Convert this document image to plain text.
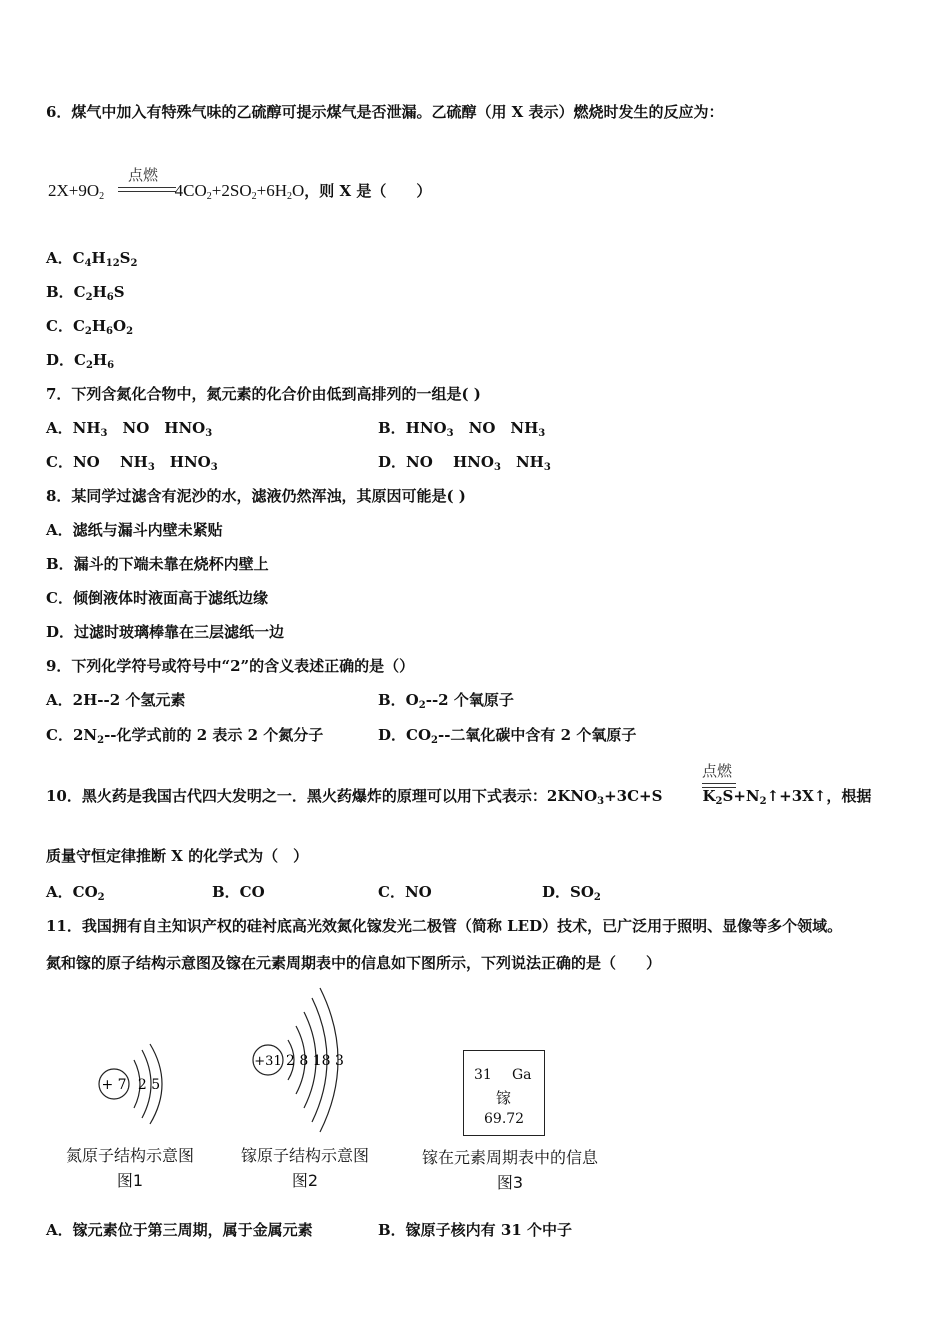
6．煤气中加入有特殊气味的乙硫醇可提示煤气是否泄漏。乙硫醇（用 X 表示）燃烧时发生的反应为：
$2X+9O_2$	$4CO_2+2SO_2+6H_2O$，则 X 是（　　）
点燃
A．$C_4H_{12}S_2$
B．$C_2H_6S$
C．$C_2H_6O_2$
D．$C_2H_6$
7．下列含氮化合物中，氮元素的化合价由低到高排列的一组是( )
A．$NH_3$　NO　$HNO_3$	B．$HNO_3$　NO　$NH_3$
C．NO　 $NH_3$　$HNO_3$	D．NO　 $HNO_3$　$NH_3$
8．某同学过滤含有泥沙的水，滤液仍然浑浊，其原因可能是( )
A．滤纸与漏斗内壁未紧贴
B．漏斗的下端未靠在烧杯内壁上
C．倾倒液体时液面高于滤纸边缘
D．过滤时玻璃棒靠在三层滤纸一边
9．下列化学符号或符号中“2”的含义表述正确的是（）
A．2H--2 个氢元素	B．$O_2--2$ 个氧原子
C．$2N_2--$化学式前的 2 表示 2 个氮分子	D．$CO_2--$二氧化碳中含有 2 个氧原子
10．黑火药是我国古代四大发明之一．黑火药爆炸的原理可以用下式表示：$2KNO_3+3C+S$	$K_2S+N_2↑+3X↑$，根据
点燃
质量守恒定律推断 X 的化学式为（　）
A．$CO_2$	B．CO	C．NO	D．$SO_2$
11．我国拥有自主知识产权的硅衬底高光效氮化镓发光二极管（简称 LED）技术，已广泛用于照明、显像等多个领域。
氮和镓的原子结构示意图及镓在元素周期表中的信息如下图所示，下列说法正确的是（　　）
+ 7 2 5
氮原子结构示意图
图1
+31 2 8 18 3
镓原子结构示意图
图2
31 Ga
镓
69.72
镓在元素周期表中的信息
图3
A．镓元素位于第三周期，属于金属元素	B．镓原子核内有 31 个中子
